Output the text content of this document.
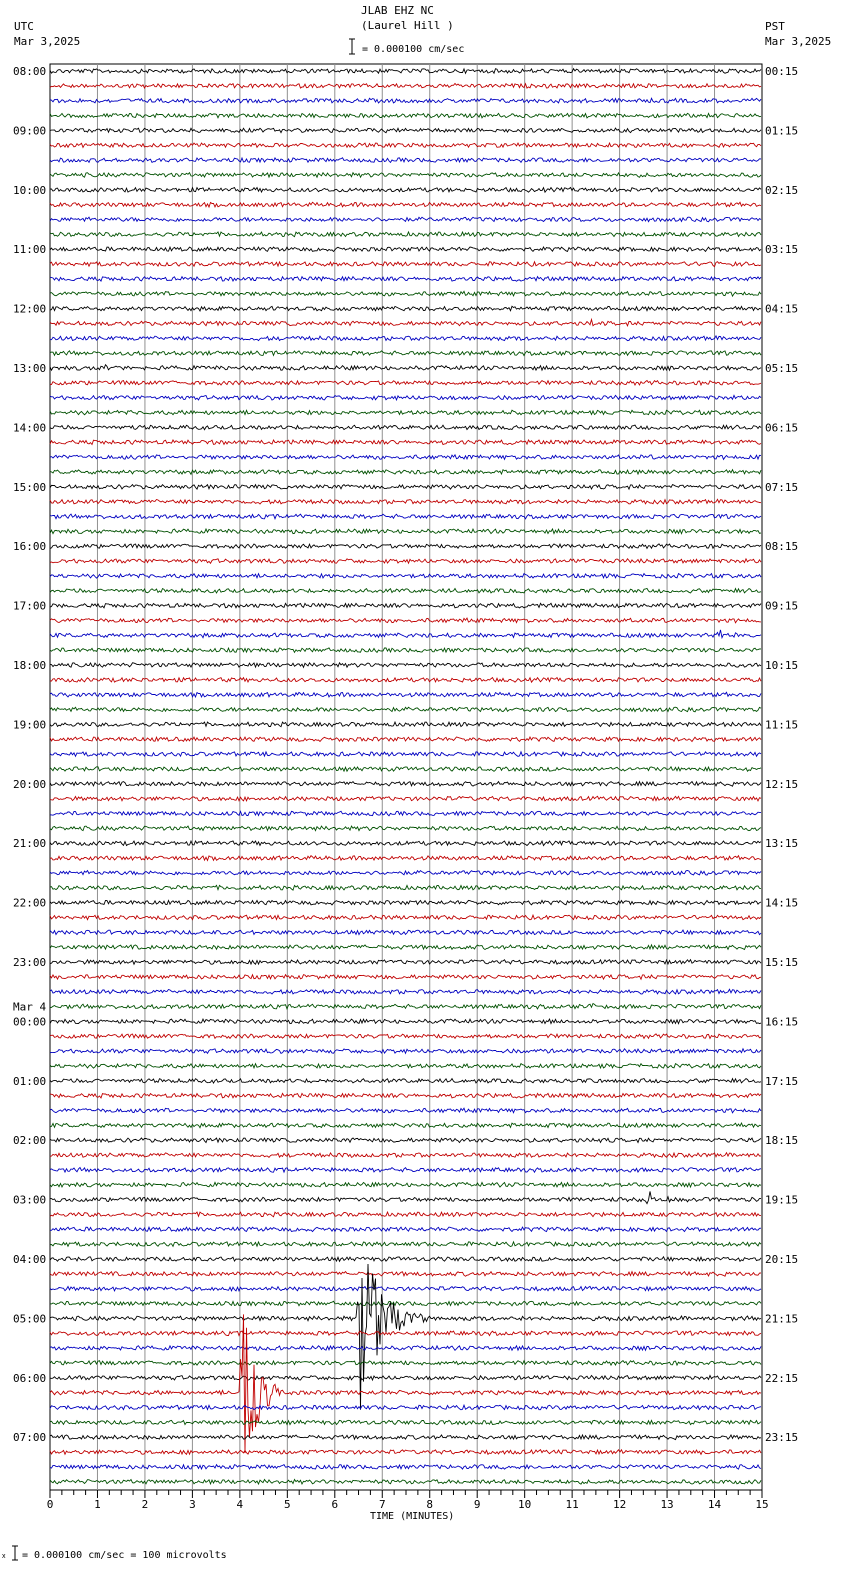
JLAB EHZ NC
(Laurel Hill )
UTC
Mar 3,2025
PST
Mar 3,2025
= 0.000100 cm/sec
08:00	00:15
09:00	01:15
10:00	02:15
11:00	03:15
12:00	04:15
13:00	05:15
14:00	06:15
15:00	07:15
16:00	08:15
17:00	09:15
18:00	10:15
19:00	11:15
20:00	12:15
21:00	13:15
22:00	14:15
23:00	15:15
00:00	16:15
01:00	17:15
02:00	18:15
03:00	19:15
04:00	20:15
05:00	21:15
06:00	22:15
07:00	23:15
Mar 4
0	1	2	3	4	5	6	7	8	9	10	11	12	13	14	15
TIME (MINUTES)
x = 0.000100 cm/sec = 100 microvolts
